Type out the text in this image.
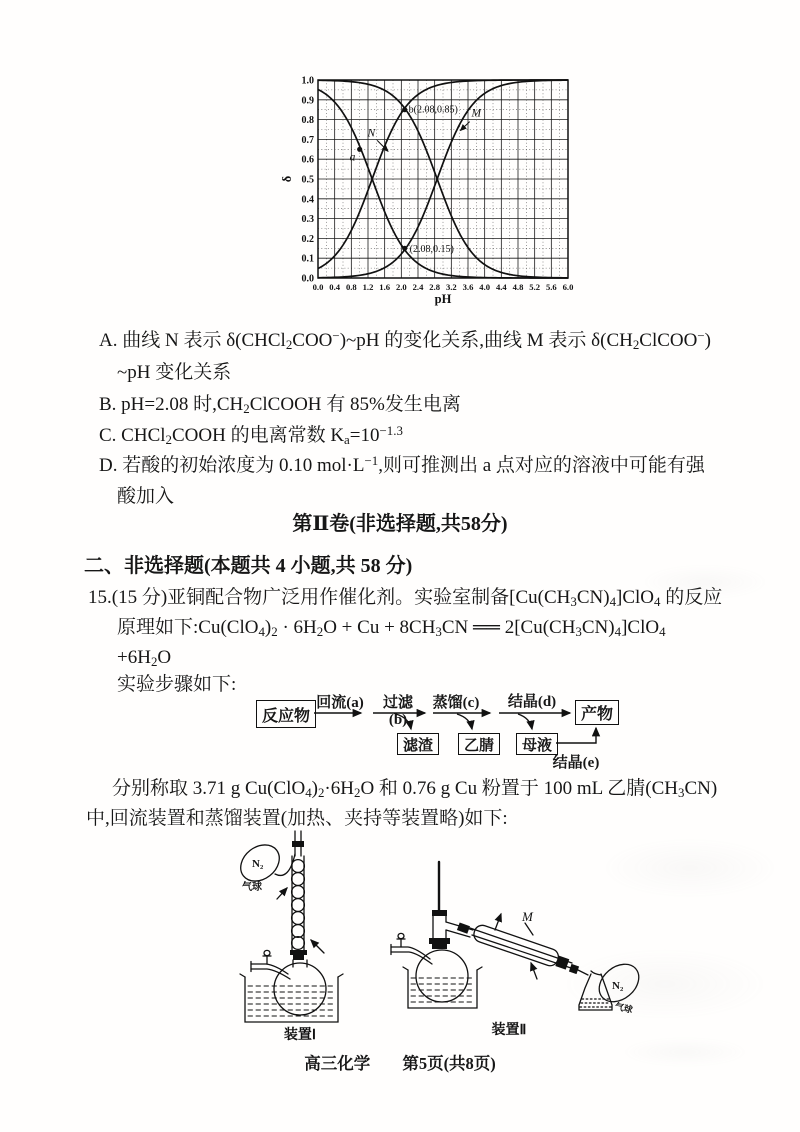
0.0 0.4 0.8 1.2 1.6 2.0 2.4 2.8 3.2 3.6 4.0 4.4 4.8 5.2 5.6 6.0
0.0
0.1
0.2
0.3
0.4
0.5
0.6
0.7
0.8
0.9
1.0
pH
δ
a
b(2.08,0.85)
(2.08,0.15)
N
M
A. 曲线 N 表示 δ(CHCl$_2$COO−)~pH 的变化关系,曲线 M 表示 $\delta(CH_2ClCOO^-)$
~pH 变化关系
B. pH=2.08 时$,CH_2ClCOOH$ 有 85%发生电离
C. CHCl$_2$COOH 的电离常数 $K_a=10^{-1.3}$
D. 若酸的初始浓度为 0.10 $mol\cdot L^{-1}$,则可推测出 a 点对应的溶液中可能有强
酸加入
第Ⅱ卷(非选择题,共58分)
二、非选择题(本题共 4 小题,共 58 分)
15.(15 分)亚铜配合物广泛用作催化剂。实验室制备$[Cu(CH_3CN)_4]ClO_4$ 的反应
原理如下$:Cu(ClO_4)_2 \cdot 6H_2O + Cu + 8CH_3CN$ ══ $2[Cu(CH_3CN)_4]ClO_4$
$+6H_2O$
实验步骤如下:
反应物
滤渣	乙腈	母液
产物
回流(a)	过滤(b)
蒸馏(c) 结晶(d)
结晶(e)
分别称取 3.71 g $Cu(ClO_4)_2\cdot 6H_2O$ 和 0.76 g Cu 粉置于 100 mL 乙腈$(CH_3CN)$
中,回流装置和蒸馏装置(加热、夹持等装置略)如下:
N₂
气球
M
N₂
气球
装置Ⅰ	装置Ⅱ
高三化学 第5页(共8页)
